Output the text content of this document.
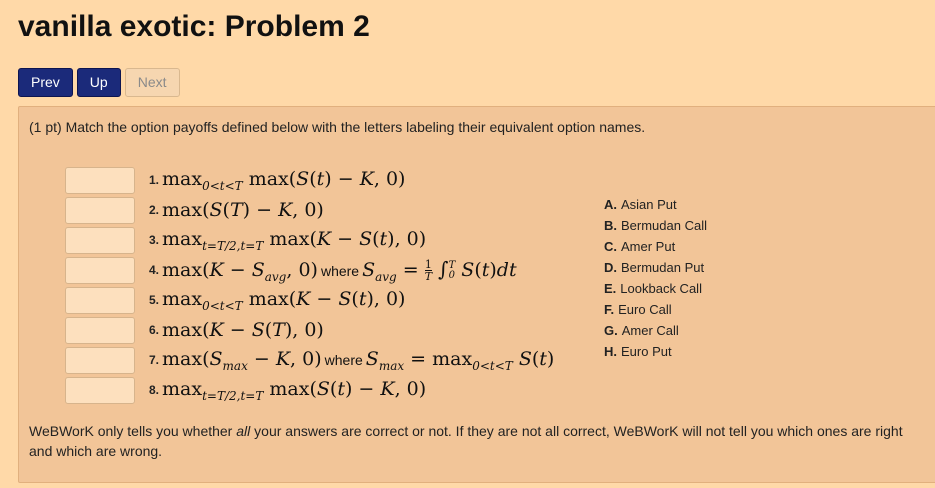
vanilla exotic: Problem 2
Prev	Up	Next
(1 pt) Match the option payoffs defined below with the letters labeling their equivalent option names.
1. $\max_{0<t<T} \max(S(t) - K$, 0)
2. max(S(T) − K, 0)
3. $\max_{t=T/2,t=T} \max(K - S(t)$, 0)
4. $\max(K - S_{avg}$, 0) where $S_{avg} = \frac{1}{T}$ ∫ T
0 S(t)dt
5. $\max_{0<t<T} \max(K - S(t)$, 0)
6. max(K − S(T), 0)
7. $\max(S_{max} - K$, 0) where $S_{max} = \max_{0<t<T} S(t)$
8. $\max_{t=T/2,t=T} \max(S(t) - K$, 0)
A. Asian Put
B. Bermudan Call
C. Amer Put
D. Bermudan Put
E. Lookback Call
F. Euro Call
G. Amer Call
H. Euro Put
WeBWorK only tells you whether all your answers are correct or not. If they are not all correct, WeBWorK will not tell you which ones are right and which are wrong.
